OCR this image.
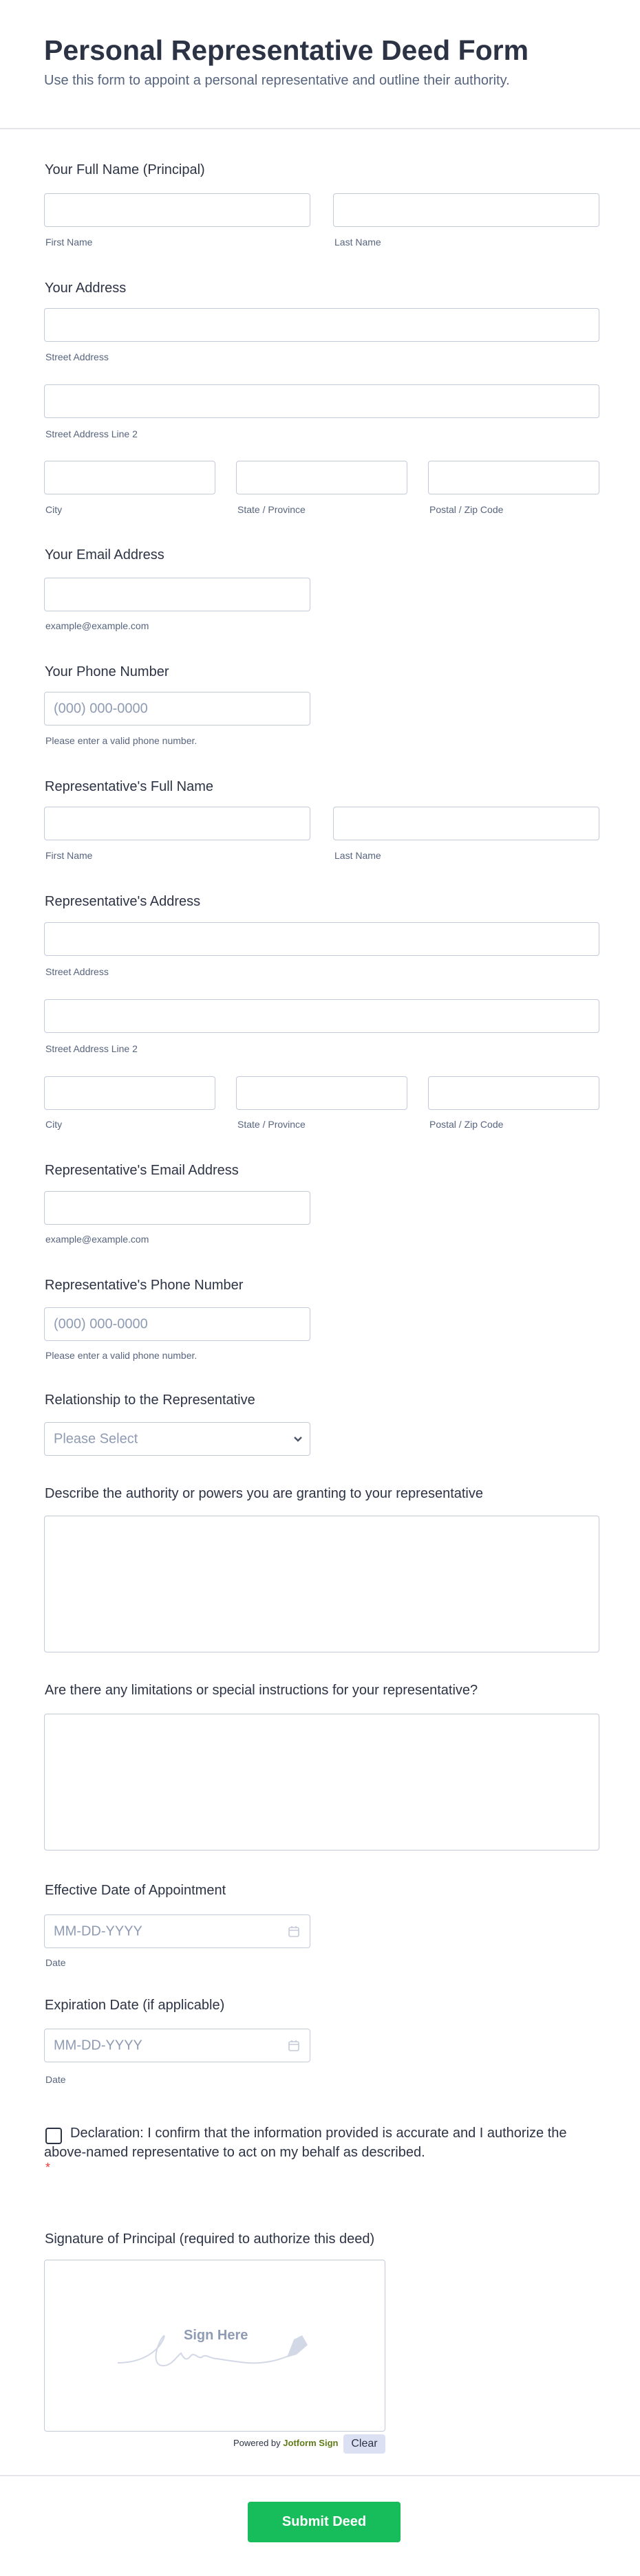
Personal Representative Deed Form
Use this form to appoint a personal representative and outline their authority.
Your Full Name (Principal)
First Name	Last Name
Your Address
Street Address
Street Address Line 2
City	State / Province	Postal / Zip Code
Your Email Address
example@example.com
Your Phone Number
(000) 000-0000
Please enter a valid phone number.
Representative's Full Name
First Name	Last Name
Representative's Address
Street Address
Street Address Line 2
City	State / Province	Postal / Zip Code
Representative's Email Address
example@example.com
Representative's Phone Number
(000) 000-0000
Please enter a valid phone number.
Relationship to the Representative
Please Select
Describe the authority or powers you are granting to your representative
Are there any limitations or special instructions for your representative?
Effective Date of Appointment
MM-DD-YYYY
Date
Expiration Date (if applicable)
MM-DD-YYYY
Date
Declaration: I confirm that the information provided is accurate and I authorize the above-named representative to act on my behalf as described.
*
Signature of Principal (required to authorize this deed)
Sign Here
Powered by Jotform Sign	Clear
Submit Deed
